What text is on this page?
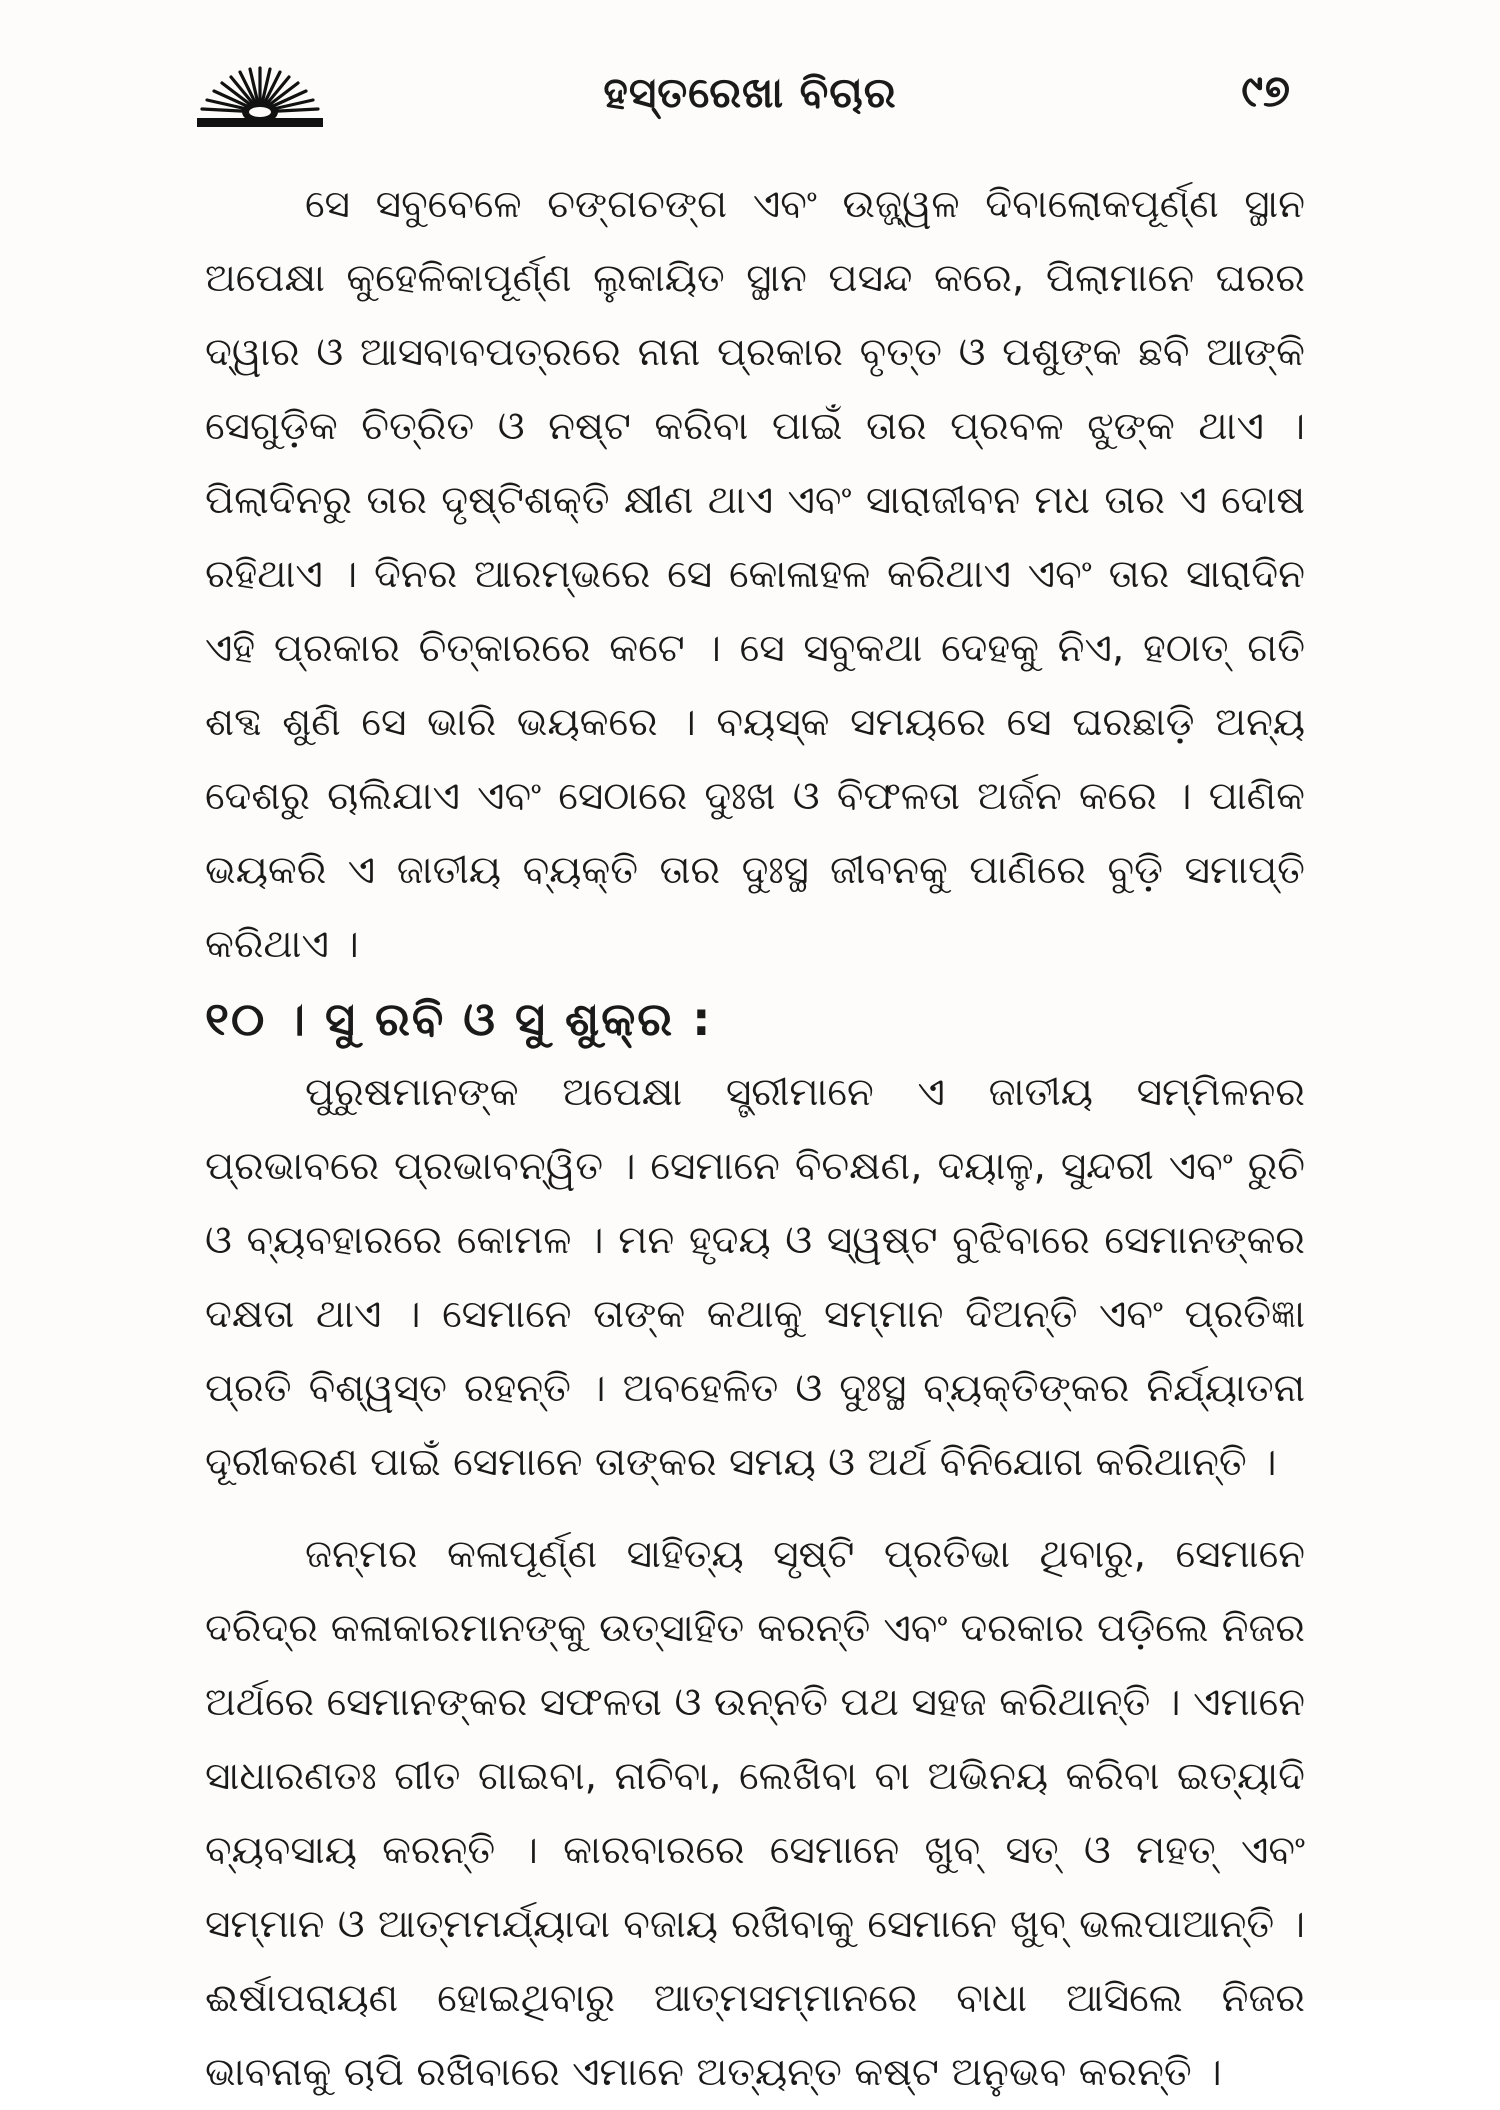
ହସ୍ତରେଖା ବିଚାର	୯୭

ସେ ସବୁବେଳେ ଚଙ୍ଗଚଙ୍ଗ ଏବଂ ଉଜ୍ଜ୍ୱଳ ଦିବାଲୋକପୂର୍ଣ୍ଣ ସ୍ଥାନ ଅପେକ୍ଷା କୁହେଳିକାପୂର୍ଣ୍ଣ ଲୁକାୟିତ ସ୍ଥାନ ପସନ୍ଦ କରେ, ପିଲାମାନେ ଘରର ଦ୍ୱାର ଓ ଆସବାବପତ୍ରରେ ନାନା ପ୍ରକାର ବୃତ୍ତ ଓ ପଶୁଙ୍କ ଛବି ଆଙ୍କି ସେଗୁଡ଼ିକ ଚିତ୍ରିତ ଓ ନଷ୍ଟ କରିବା ପାଇଁ ତାର ପ୍ରବଳ ଝୁଙ୍କ ଥାଏ । ପିଲାଦିନରୁ ତାର ଦୃଷ୍ଟିଶକ୍ତି କ୍ଷୀଣ ଥାଏ ଏବଂ ସାରାଜୀବନ ମଧ ତାର ଏ ଦୋଷ ରହିଥାଏ । ଦିନର ଆରମ୍ଭରେ ସେ କୋଳାହଳ କରିଥାଏ ଏବଂ ତାର ସାରାଦିନ ଏହି ପ୍ରକାର ଚିତ୍କାରରେ କଟେ । ସେ ସବୁକଥା ଦେହକୁ ନିଏ, ହଠାତ୍ ଗତି ଶବ୍ଦ ଶୁଣି ସେ ଭାରି ଭୟକରେ । ବୟସ୍କ ସମୟରେ ସେ ଘରଛାଡ଼ି ଅନ୍ୟ ଦେଶରୁ ଚାଲିଯାଏ ଏବଂ ସେଠାରେ ଦୁଃଖ ଓ ବିଫଳତା ଅର୍ଜନ କରେ । ପାଣିକ ଭୟକରି ଏ ଜାତୀୟ ବ୍ୟକ୍ତି ତାର ଦୁଃସ୍ଥ ଜୀବନକୁ ପାଣିରେ ବୁଡ଼ି ସମାପ୍ତି କରିଥାଏ ।

୧୦ । ସୁ ରବି ଓ ସୁ ଶୁକ୍ର :

ପୁରୁଷମାନଙ୍କ ଅପେକ୍ଷା ସ୍ତ୍ରୀମାନେ ଏ ଜାତୀୟ ସମ୍ମିଳନର ପ୍ରଭାବରେ ପ୍ରଭାବନ୍ୱିତ । ସେମାନେ ବିଚକ୍ଷଣ, ଦୟାଳୁ, ସୁନ୍ଦରୀ ଏବଂ ରୁଚି ଓ ବ୍ୟବହାରରେ କୋମଳ । ମନ ହୃଦୟ ଓ ସ୍ୱଷ୍ଟ ବୁଝିବାରେ ସେମାନଙ୍କର ଦକ୍ଷତା ଥାଏ । ସେମାନେ ତାଙ୍କ କଥାକୁ ସମ୍ମାନ ଦିଅନ୍ତି ଏବଂ ପ୍ରତିଜ୍ଞା ପ୍ରତି ବିଶ୍ୱସ୍ତ ରହନ୍ତି । ଅବହେଳିତ ଓ ଦୁଃସ୍ଥ ବ୍ୟକ୍ତିଙ୍କର ନିର୍ଯ୍ୟାତନା ଦୂରୀକରଣ ପାଇଁ ସେମାନେ ତାଙ୍କର ସମୟ ଓ ଅର୍ଥ ବିନିଯୋଗ କରିଥାନ୍ତି ।

ଜନ୍ମର କଳାପୂର୍ଣ୍ଣ ସାହିତ୍ୟ ସୃଷ୍ଟି ପ୍ରତିଭା ଥିବାରୁ, ସେମାନେ ଦରିଦ୍ର କଳାକାରମାନଙ୍କୁ ଉତ୍ସାହିତ କରନ୍ତି ଏବଂ ଦରକାର ପଡ଼ିଲେ ନିଜର ଅର୍ଥରେ ସେମାନଙ୍କର ସଫଳତା ଓ ଉନ୍ନତି ପଥ ସହଜ କରିଥାନ୍ତି । ଏମାନେ ସାଧାରଣତଃ ଗୀତ ଗାଇବା, ନାଚିବା, ଲେଖିବା ବା ଅଭିନୟ କରିବା ଇତ୍ୟାଦି ବ୍ୟବସାୟ କରନ୍ତି । କାରବାରରେ ସେମାନେ ଖୁବ୍ ସତ୍ ଓ ମହତ୍ ଏବଂ ସମ୍ମାନ ଓ ଆତ୍ମମର୍ଯ୍ୟାଦା ବଜାୟ ରଖିବାକୁ ସେମାନେ ଖୁବ୍ ଭଲପାଆନ୍ତି । ଈର୍ଷାପରାୟଣ ହୋଇଥିବାରୁ ଆତ୍ମସମ୍ମାନରେ ବାଧା ଆସିଲେ ନିଜର ଭାବନାକୁ ଚାପି ରଖିବାରେ ଏମାନେ ଅତ୍ୟନ୍ତ କଷ୍ଟ ଅନୁଭବ କରନ୍ତି ।
